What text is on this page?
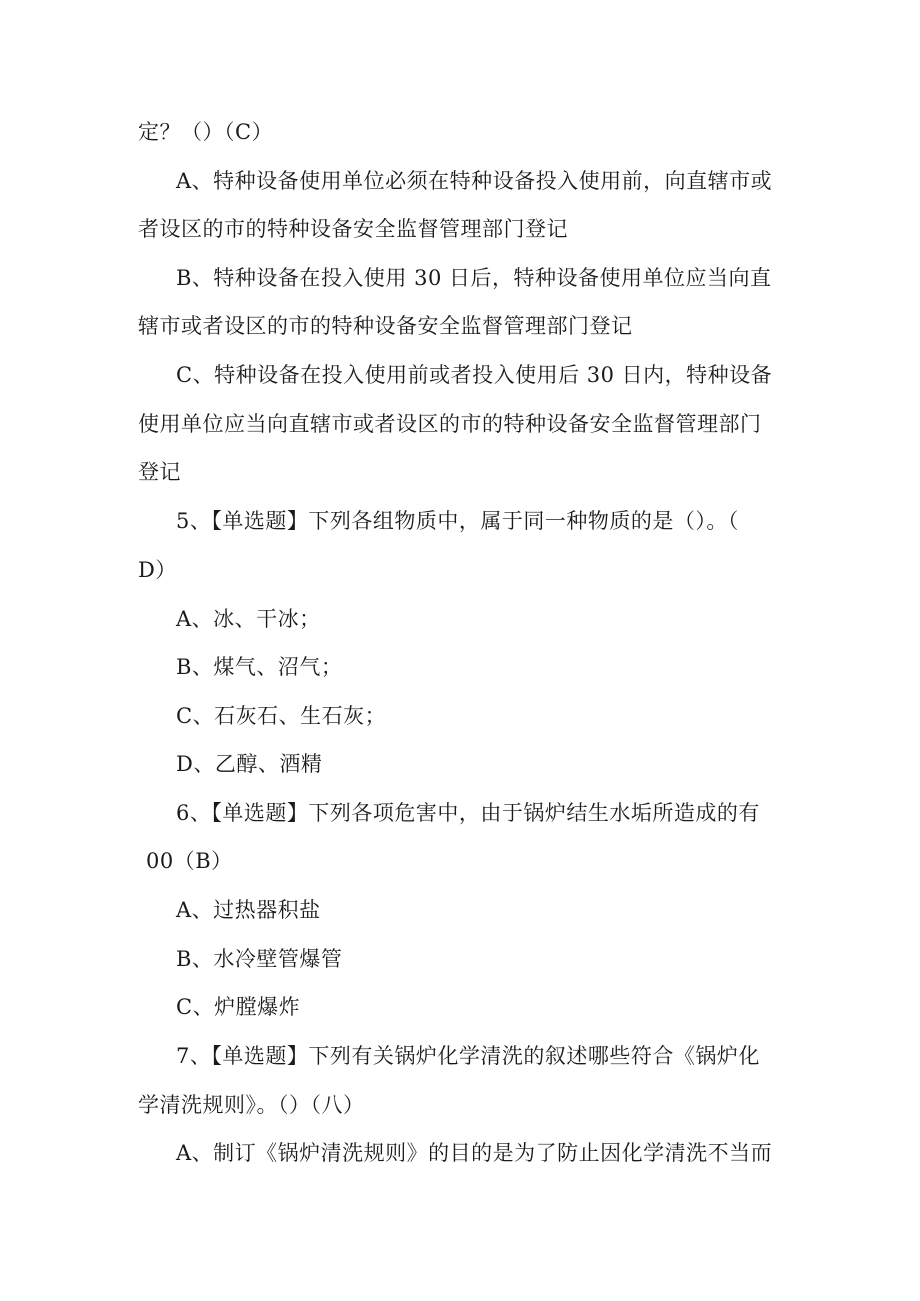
定？（）（C）
A、特种设备使用单位必须在特种设备投入使用前，向直辖市或
者设区的市的特种设备安全监督管理部门登记
B、特种设备在投入使用 30 日后，特种设备使用单位应当向直
辖市或者设区的市的特种设备安全监督管理部门登记
C、特种设备在投入使用前或者投入使用后 30 日内，特种设备
使用单位应当向直辖市或者设区的市的特种设备安全监督管理部门
登记
5、【单选题】下列各组物质中，属于同一种物质的是（）。（
D）
A、冰、干冰；
B、煤气、沼气；
C、石灰石、生石灰；
D、乙醇、酒精
6、【单选题】下列各项危害中，由于锅炉结生水垢所造成的有
00（B）
A、过热器积盐
B、水冷壁管爆管
C、炉膛爆炸
7、【单选题】下列有关锅炉化学清洗的叙述哪些符合《锅炉化
学清洗规则》。（）（八）
A、制订《锅炉清洗规则》的目的是为了防止因化学清洗不当而
